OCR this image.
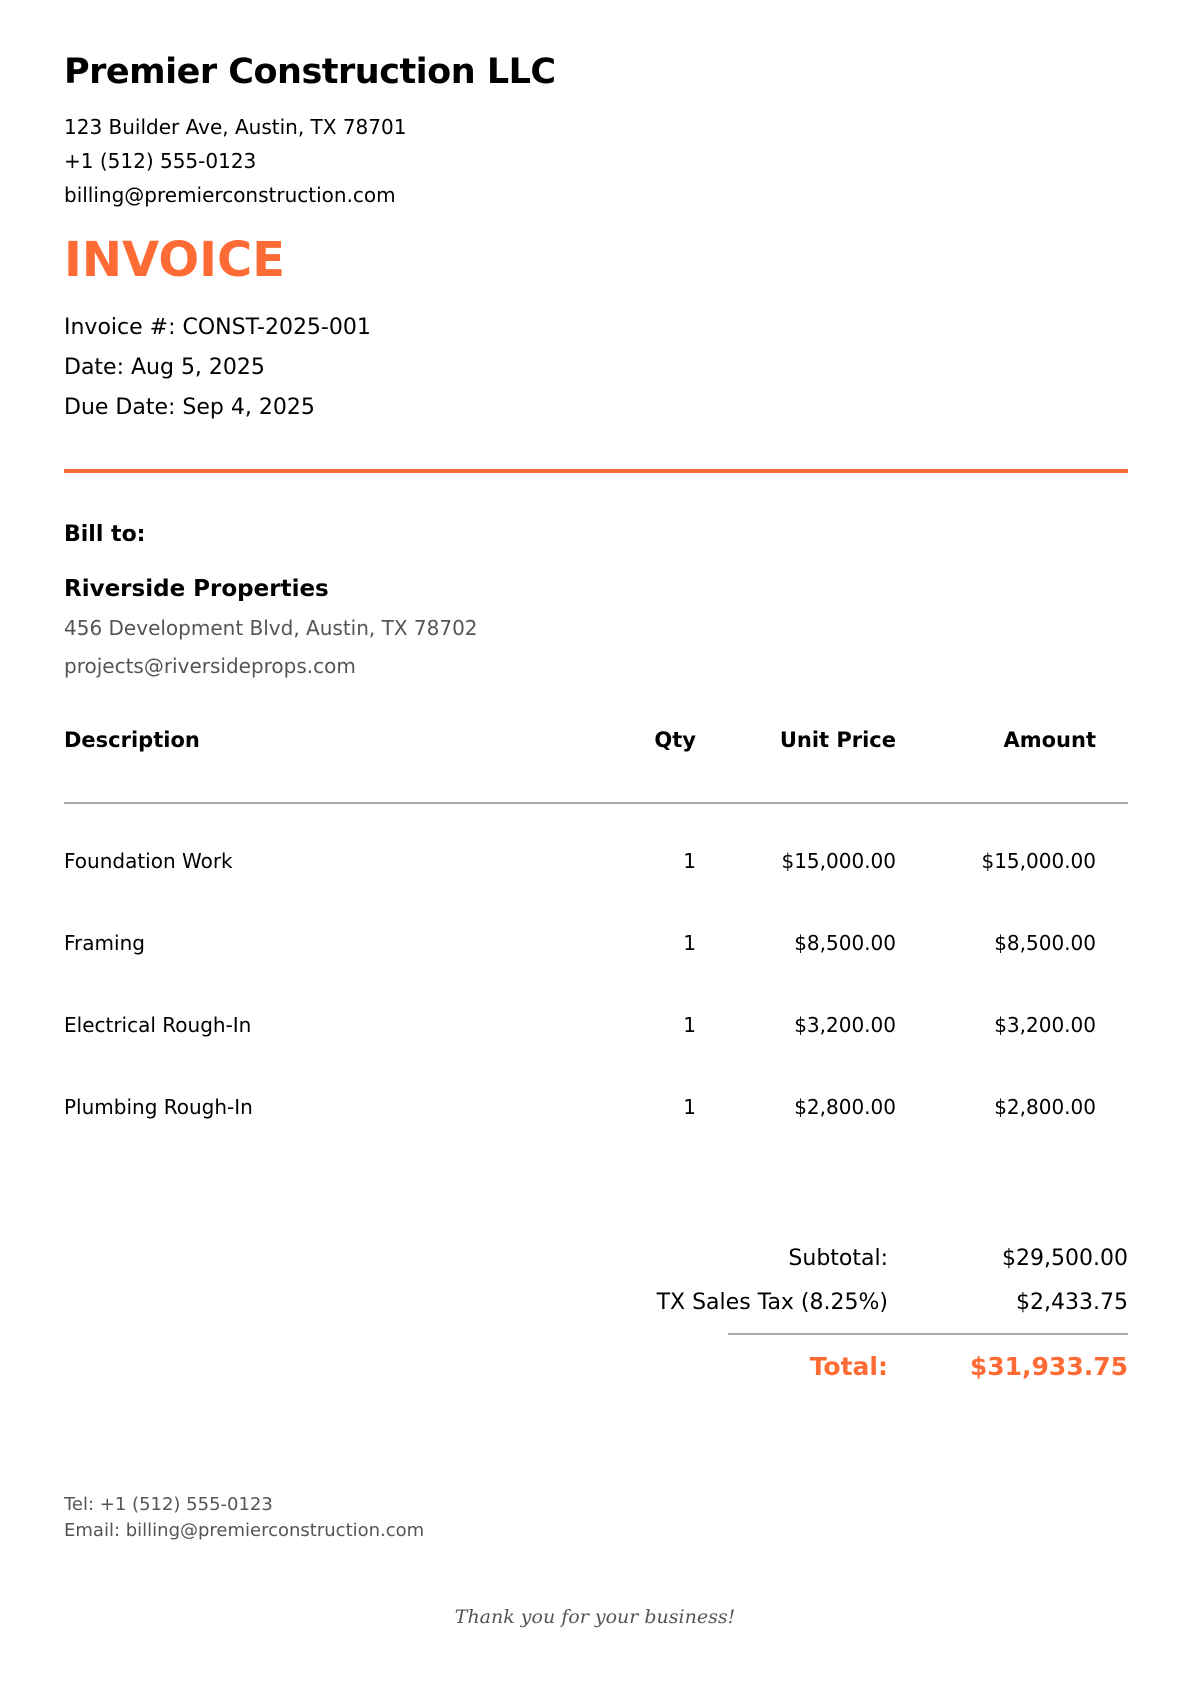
Premier Construction LLC
123 Builder Ave, Austin, TX 78701
+1 (512) 555-0123
billing@premierconstruction.com
INVOICE
Invoice #: CONST-2025-001
Date: Aug 5, 2025
Due Date: Sep 4, 2025
Bill to:
Riverside Properties
456 Development Blvd, Austin, TX 78702
projects@riversideprops.com
Description	Qty	Unit Price	Amount
Foundation Work	1	$15,000.00	$15,000.00
Framing	1	$8,500.00	$8,500.00
Electrical Rough-In	1	$3,200.00	$3,200.00
Plumbing Rough-In	1	$2,800.00	$2,800.00
Subtotal:	$29,500.00
TX Sales Tax (8.25%)	$2,433.75
Total:	$31,933.75
Tel: +1 (512) 555-0123
Email: billing@premierconstruction.com
Thank you for your business!
